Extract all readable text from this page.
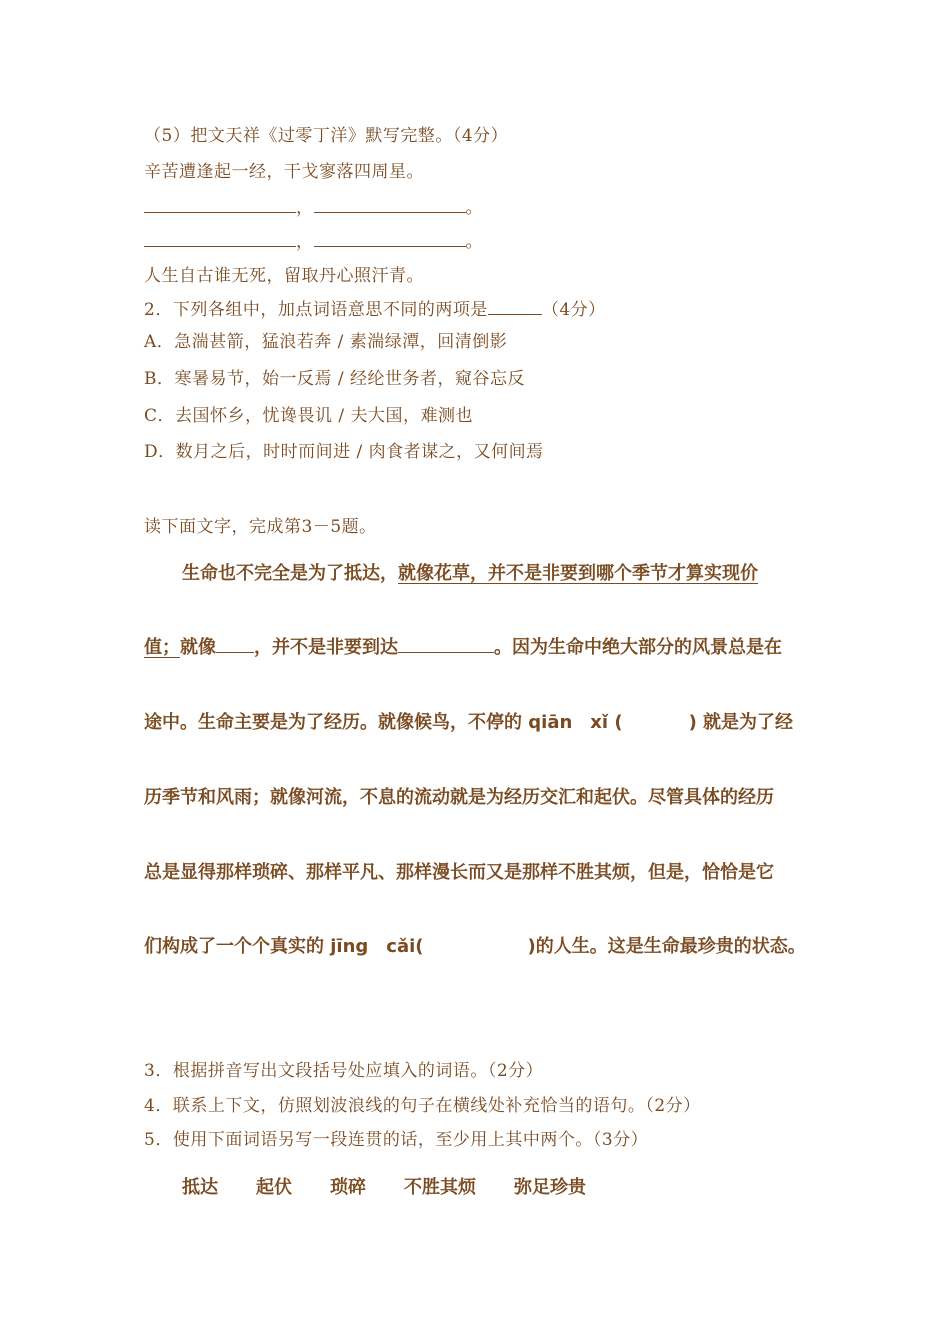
（5）把文天祥《过零丁洋》默写完整。（4分）
辛苦遭逢起一经，干戈寥落四周星。
，	。
，	。
人生自古谁无死，留取丹心照汗青。
2．下列各组中，加点词语意思不同的两项是	（4分）
A．急湍甚箭，猛浪若奔 / 素湍绿潭，回清倒影
B．寒暑易节，始一反焉 / 经纶世务者，窥谷忘反
C．去国怀乡，忧谗畏讥 / 夫大国，难测也
D．数月之后，时时而间进 / 肉食者谋之，又何间焉
读下面文字，完成第3－5题。
生命也不完全是为了抵达，就像花草，并不是非要到哪个季节才算实现价
值；就像 ，并不是非要到达	。因为生命中绝大部分的风景总是在
途中。生命主要是为了经历。就像候鸟，不停的 qiān　xǐ (	) 就是为了经
历季节和风雨；就像河流，不息的流动就是为经历交汇和起伏。尽管具体的经历
总是显得那样琐碎、那样平凡、那样漫长而又是那样不胜其烦，但是，恰恰是它
们构成了一个个真实的 jīng　cǎi(	)的人生。这是生命最珍贵的状态。
3．根据拼音写出文段括号处应填入的词语。（2分）
4．联系上下文，仿照划波浪线的句子在横线处补充恰当的语句。（2分）
5．使用下面词语另写一段连贯的话，至少用上其中两个。（3分）
抵达 起伏 琐碎 不胜其烦 弥足珍贵
